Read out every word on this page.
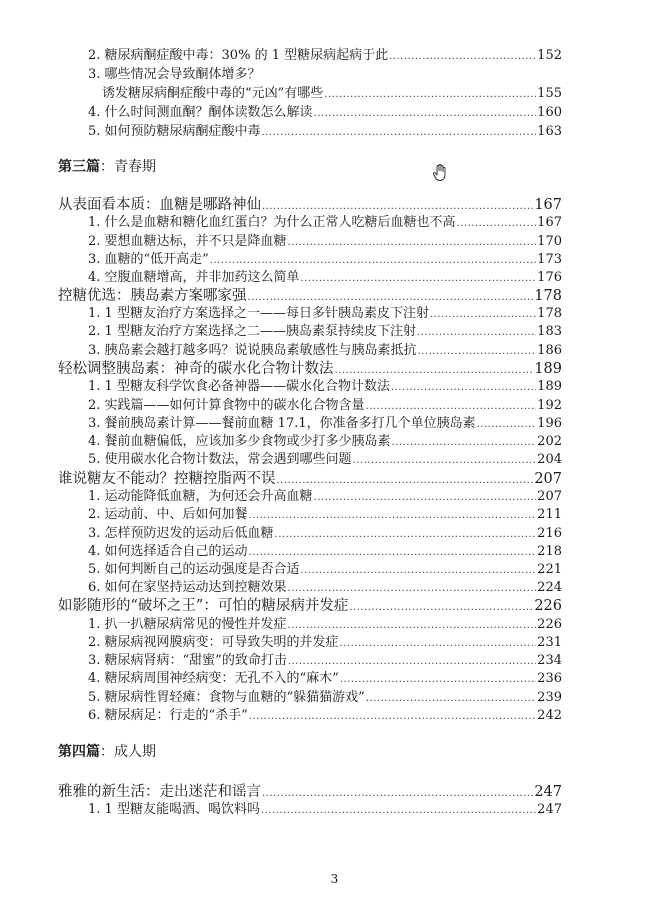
2. 糖尿病酮症酸中毒：30% 的 1 型糖尿病起病于此 .....	152
3. 哪些情况会导致酮体增多？
诱发糖尿病酮症酸中毒的“元凶”有哪些 .....	155
4. 什么时间测血酮？酮体读数怎么解读 .....	160
5. 如何预防糖尿病酮症酸中毒 .....	163
第三篇：青春期
从表面看本质：血糖是哪路神仙 .....	167
1. 什么是血糖和糖化血红蛋白？为什么正常人吃糖后血糖也不高 .....	167
2. 要想血糖达标，并不只是降血糖 .....	170
3. 血糖的“低开高走” .....	173
4. 空腹血糖增高，并非加药这么简单 .....	176
控糖优选：胰岛素方案哪家强 .....	178
1. 1 型糖友治疗方案选择之一——每日多针胰岛素皮下注射 .....	178
2. 1 型糖友治疗方案选择之二——胰岛素泵持续皮下注射 .....	183
3. 胰岛素会越打越多吗？说说胰岛素敏感性与胰岛素抵抗 .....	186
轻松调整胰岛素：神奇的碳水化合物计数法 .....	189
1. 1 型糖友科学饮食必备神器——碳水化合物计数法 .....	189
2. 实践篇——如何计算食物中的碳水化合物含量 .....	192
3. 餐前胰岛素计算——餐前血糖 17.1，你准备多打几个单位胰岛素 .....	196
4. 餐前血糖偏低，应该加多少食物或少打多少胰岛素 .....	202
5. 使用碳水化合物计数法，常会遇到哪些问题 .....	204
谁说糖友不能动？控糖控脂两不误 .....	207
1. 运动能降低血糖，为何还会升高血糖 .....	207
2. 运动前、中、后如何加餐 .....	211
3. 怎样预防迟发的运动后低血糖 .....	216
4. 如何选择适合自己的运动 .....	218
5. 如何判断自己的运动强度是否合适 .....	221
6. 如何在家坚持运动达到控糖效果 .....	224
如影随形的“破坏之王”：可怕的糖尿病并发症 .....	226
1. 扒一扒糖尿病常见的慢性并发症 .....	226
2. 糖尿病视网膜病变：可导致失明的并发症 .....	231
3. 糖尿病肾病：“甜蜜”的致命打击 .....	234
4. 糖尿病周围神经病变：无孔不入的“麻木” .....	236
5. 糖尿病性胃轻瘫：食物与血糖的“躲猫猫游戏” .....	239
6. 糖尿病足：行走的“杀手” .....	242
第四篇：成人期
雅雅的新生活：走出迷茫和谣言 .....	247
1. 1 型糖友能喝酒、喝饮料吗 .....	247
3
